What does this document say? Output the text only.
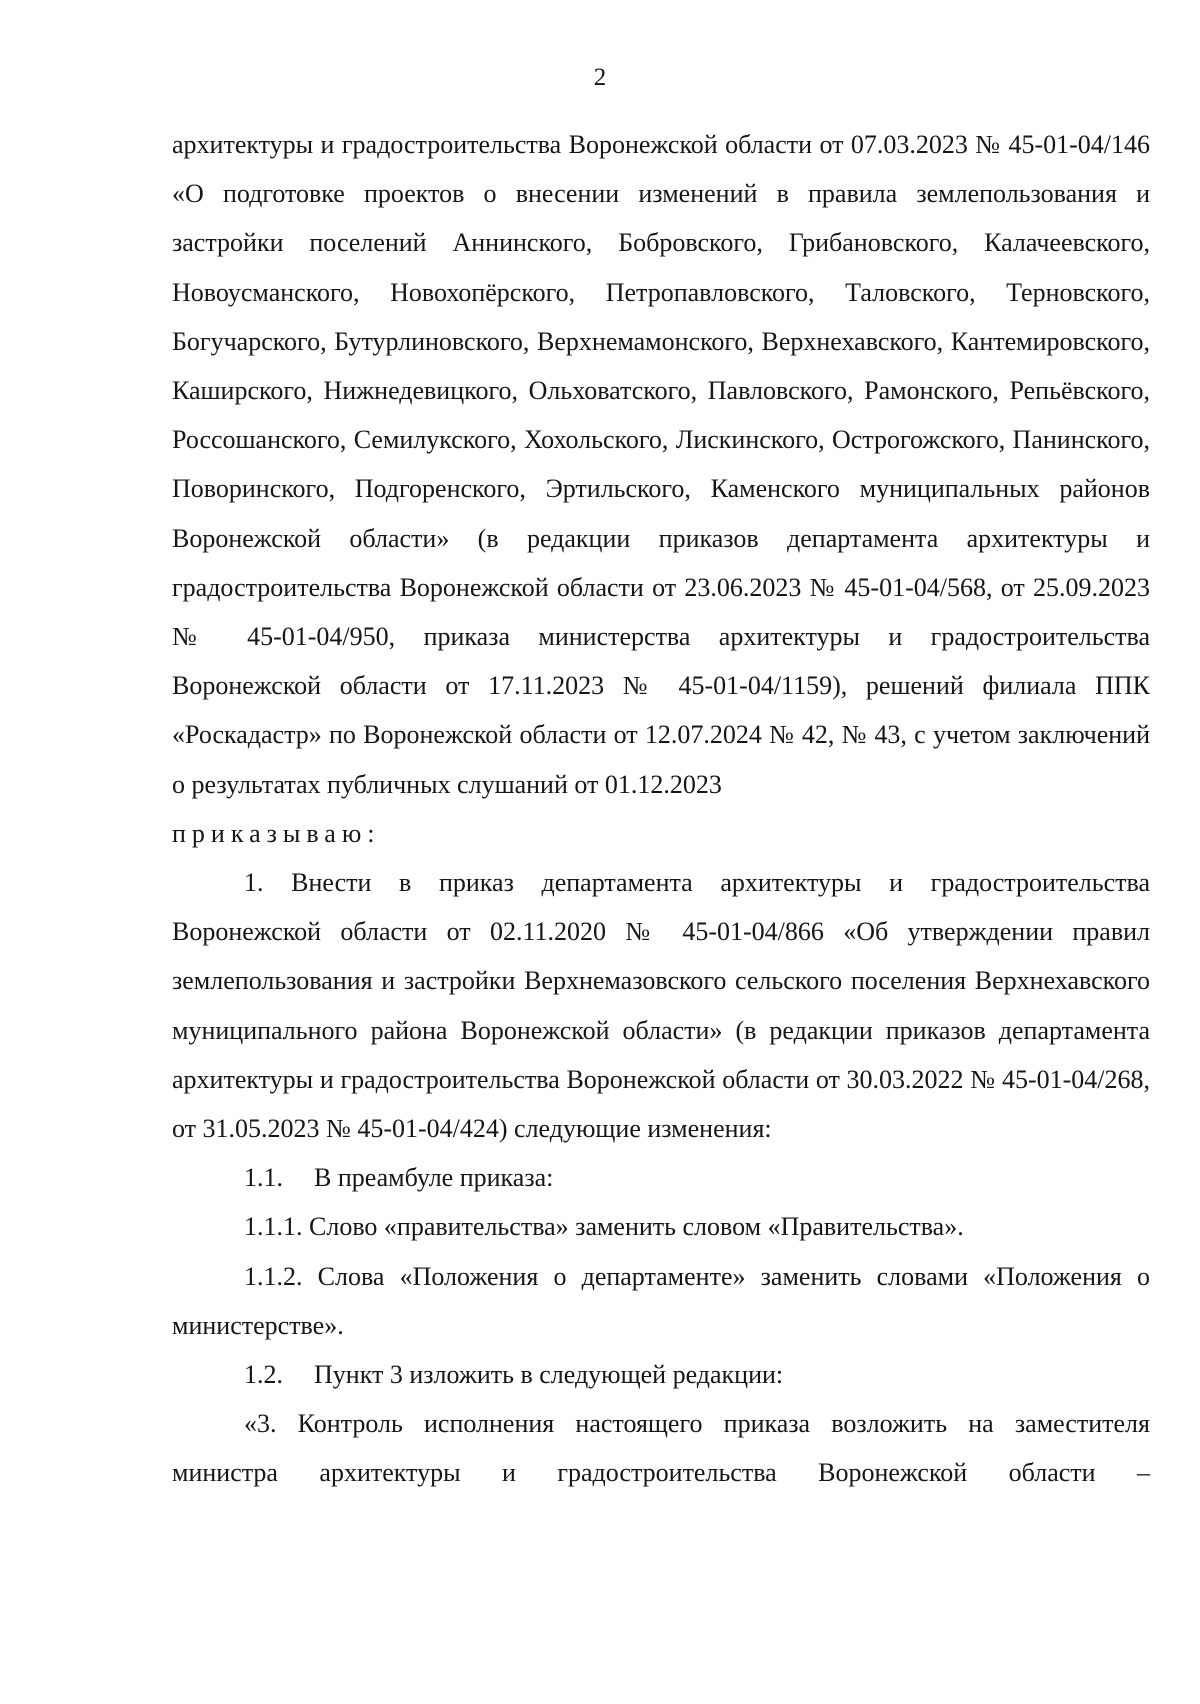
2

архитектуры и градостроительства Воронежской области от 07.03.2023 № 45-01-04/146 «О подготовке проектов о внесении изменений в правила землепользования и застройки поселений Аннинского, Бобровского, Грибановского, Калачеевского, Новоусманского, Новохопёрского, Петропавловского, Таловского, Терновского, Богучарского, Бутурлиновского, Верхнемамонского, Верхнехавского, Кантемировского, Каширского, Нижнедевицкого, Ольховатского, Павловского, Рамонского, Репьёвского, Россошанского, Семилукского, Хохольского, Лискинского, Острогожского, Панинского, Поворинского, Подгоренского, Эртильского, Каменского муниципальных районов Воронежской области» (в редакции приказов департамента архитектуры и градостроительства Воронежской области от 23.06.2023 № 45-01-04/568, от 25.09.2023 № 45-01-04/950, приказа министерства архитектуры и градостроительства Воронежской области от 17.11.2023 № 45-01-04/1159), решений филиала ППК «Роскадастр» по Воронежской области от 12.07.2024 № 42, № 43, с учетом заключений о результатах публичных слушаний от 01.12.2023

приказываю:

1. Внести в приказ департамента архитектуры и градостроительства Воронежской области от 02.11.2020 № 45-01-04/866 «Об утверждении правил землепользования и застройки Верхнемазовского сельского поселения Верхнехавского муниципального района Воронежской области» (в редакции приказов департамента архитектуры и градостроительства Воронежской области от 30.03.2022 № 45-01-04/268, от 31.05.2023 № 45-01-04/424) следующие изменения:

1.1. В преамбуле приказа:

1.1.1. Слово «правительства» заменить словом «Правительства».

1.1.2. Слова «Положения о департаменте» заменить словами «Положения о министерстве».

1.2. Пункт 3 изложить в следующей редакции:

«3. Контроль исполнения настоящего приказа возложить на заместителя министра архитектуры и градостроительства Воронежской области –
